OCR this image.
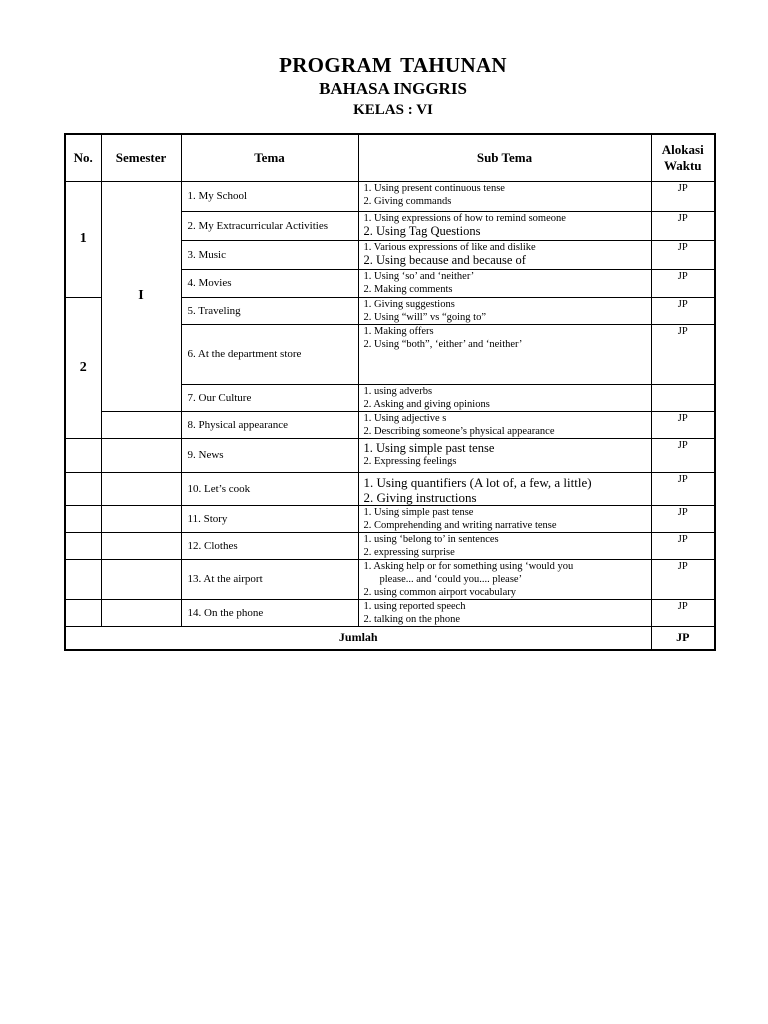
PROGRAM TAHUNAN
BAHASA INGGRIS
KELAS : VI
No.	Semester	Tema	Sub Tema	Alokasi
Waktu

1	I	1. My School	1. Using present continuous tense
2. Giving commands	JP
		2. My Extracurricular Activities	1. Using expressions of how to remind someone
2. Using Tag Questions	JP
		3. Music	1. Various expressions of like and dislike
2. Using because and because of	JP
		4. Movies	1. Using ‘so’ and ‘neither’
2. Making comments	JP
2		5. Traveling	1. Giving suggestions
2. Using “will” vs “going to”	JP
		6. At the department store	1. Making offers
2. Using “both”, ‘either’ and ‘neither’	JP
		7. Our Culture	1. using adverbs
2. Asking and giving opinions	

		8. Physical appearance	1. Using adjective s
2. Describing someone’s physical appearance	JP
		9. News	1. Using simple past tense
2. Expressing feelings	JP
		10. Let’s cook	1. Using quantifiers (A lot of, a few, a little)
2. Giving instructions	JP
		11. Story	1. Using simple past tense
2. Comprehending and writing narrative tense	JP
		12. Clothes	1. using ‘belong to’ in sentences
2. expressing surprise	JP
		13. At the airport	1. Asking help or for something using ‘would you
please... and ‘could you.... please’
2. using common airport vocabulary	JP
		14. On the phone	1. using reported speech
2. talking on the phone	JP
Jumlah				JP
